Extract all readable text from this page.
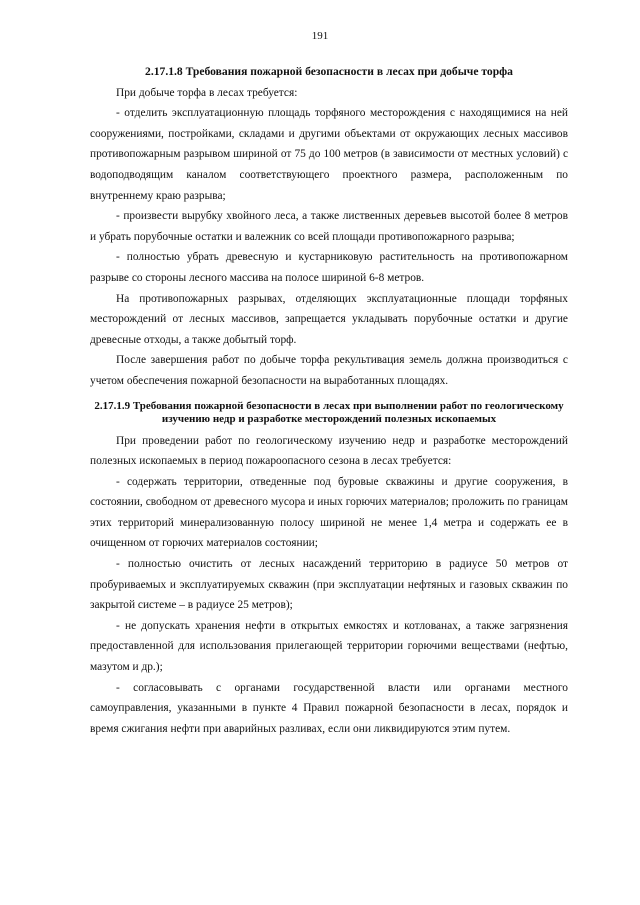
191
2.17.1.8 Требования пожарной безопасности в лесах при добыче торфа

При добыче торфа в лесах требуется:

- отделить эксплуатационную площадь торфяного месторождения с находящимися на ней сооружениями, постройками, складами и другими объектами от окружающих лесных массивов противопожарным разрывом шириной от 75 до 100 метров (в зависимости от местных условий) с водоподводящим каналом соответствующего проектного размера, расположенным по внутреннему краю разрыва;

- произвести вырубку хвойного леса, а также лиственных деревьев высотой более 8 метров и убрать порубочные остатки и валежник со всей площади противопожарного разрыва;

- полностью убрать древесную и кустарниковую растительность на противопожарном разрыве со стороны лесного массива на полосе шириной 6-8 метров.

На противопожарных разрывах, отделяющих эксплуатационные площади торфяных месторождений от лесных массивов, запрещается укладывать порубочные остатки и другие древесные отходы, а также добытый торф.

После завершения работ по добыче торфа рекультивация земель должна производиться с учетом обеспечения пожарной безопасности на выработанных площадях.

2.17.1.9 Требования пожарной безопасности в лесах при выполнении работ по геологическому изучению недр и разработке месторождений полезных ископаемых

При проведении работ по геологическому изучению недр и разработке месторождений полезных ископаемых в период пожароопасного сезона в лесах требуется:

- содержать территории, отведенные под буровые скважины и другие сооружения, в состоянии, свободном от древесного мусора и иных горючих материалов; проложить по границам этих территорий минерализованную полосу шириной не менее 1,4 метра и содержать ее в очищенном от горючих материалов состоянии;

- полностью очистить от лесных насаждений территорию в радиусе 50 метров от пробуриваемых и эксплуатируемых скважин (при эксплуатации нефтяных и газовых скважин по закрытой системе – в радиусе 25 метров);

- не допускать хранения нефти в открытых емкостях и котлованах, а также загрязнения предоставленной для использования прилегающей территории горючими веществами (нефтью, мазутом и др.);

- согласовывать с органами государственной власти или органами местного самоуправления, указанными в пункте 4 Правил пожарной безопасности в лесах, порядок и время сжигания нефти при аварийных разливах, если они ликвидируются этим путем.
